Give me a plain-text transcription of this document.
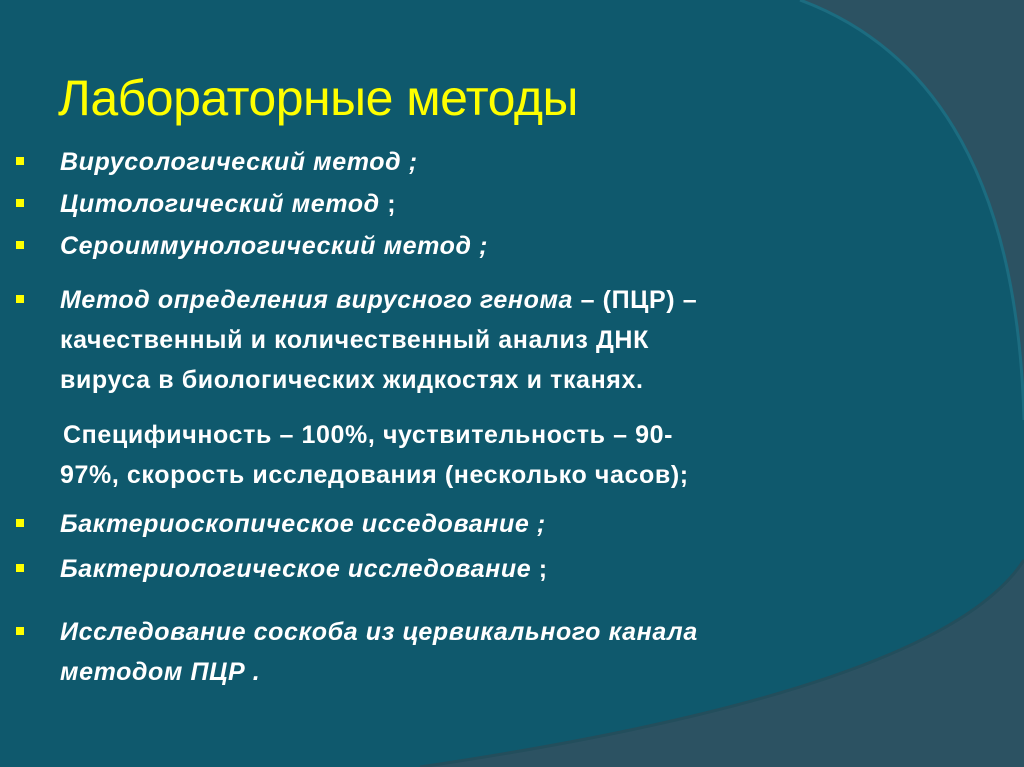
Лабораторные методы

Вирусологический метод ;

Цитологический метод ;

Сероиммунологический метод ;

Метод определения вирусного генома – (ПЦР) –
качественный и количественный анализ ДНК
вируса в биологических жидкостях и тканях.
Специфичность – 100%, чуствительность – 90-
97%, скорость исследования (несколько часов);

Бактериоскопическое исседование ;

Бактериологическое исследование ;

Исследование соскоба из цервикального канала
методом ПЦР .
